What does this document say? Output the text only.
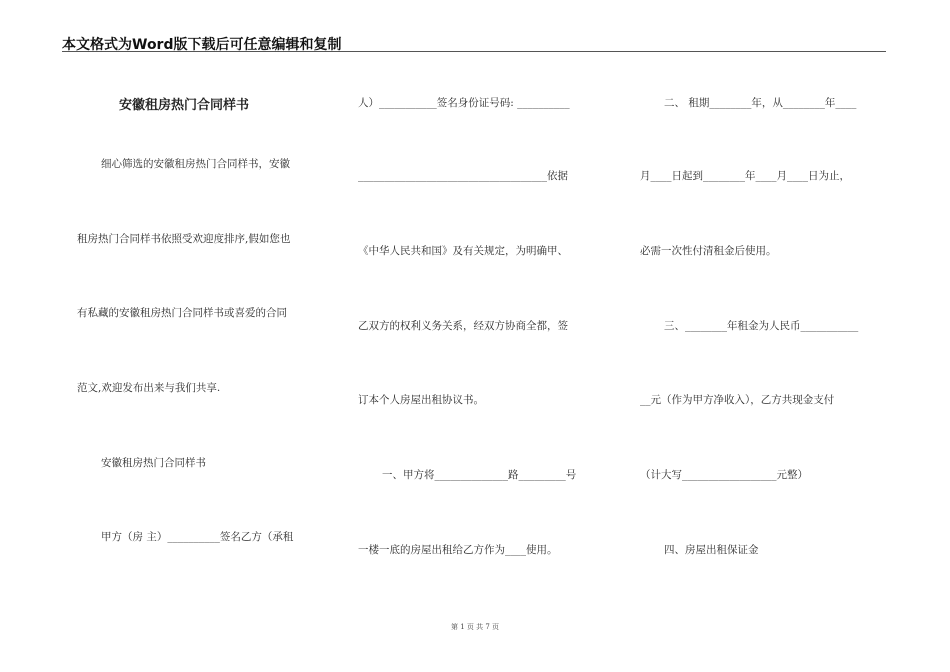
本文格式为Word版下载后可任意编辑和复制
安徽租房热门合同样书
细心筛选的安徽租房热门合同样书，安徽
租房热门合同样书依照受欢迎度排序,假如您也
有私藏的安徽租房热门合同样书或喜爱的合同
范文,欢迎发布出来与我们共享.
安徽租房热门合同样书
甲方（房 主）__________签名乙方（承租
人）___________签名身份证号码: __________
____________________________________依据
《中华人民共和国》及有关规定，为明确甲、
乙双方的权利义务关系，经双方协商全都，签
订本个人房屋出租协议书。
一、甲方将______________路_________号
一楼一底的房屋出租给乙方作为____使用。
二、 租期________年，从________年____
月____日起到________年____月____日为止，
必需一次性付清租金后使用。
三、________年租金为人民币___________
__元（作为甲方净收入），乙方共现金支付
（计大写__________________元整）
四、房屋出租保证金
第 1 页 共 7 页
